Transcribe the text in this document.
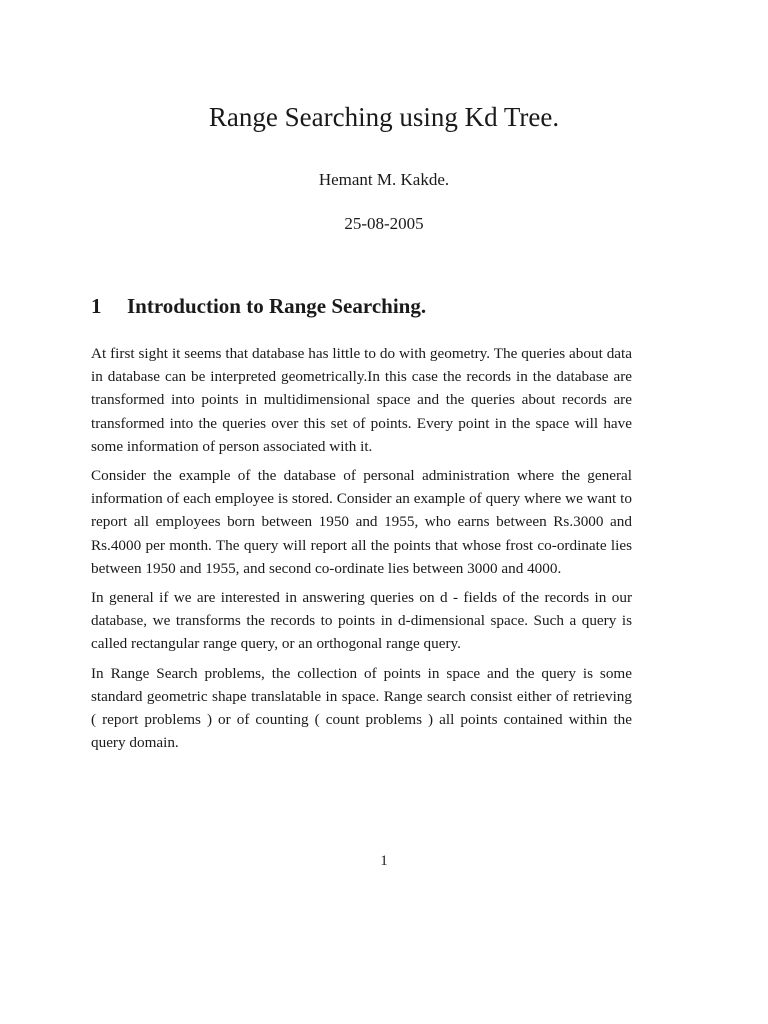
Range Searching using Kd Tree.
Hemant M. Kakde.
25-08-2005
1 Introduction to Range Searching.

At first sight it seems that database has little to do with geometry. The queries about data in database can be interpreted geometrically.In this case the records in the database are transformed into points in multidimensional space and the queries about records are transformed into the queries over this set of points. Every point in the space will have some information of person associated with it.

Consider the example of the database of personal administration where the general information of each employee is stored. Consider an example of query where we want to report all employees born between 1950 and 1955, who earns between Rs.3000 and Rs.4000 per month. The query will report all the points that whose frost co-ordinate lies between 1950 and 1955, and second co-ordinate lies between 3000 and 4000.

In general if we are interested in answering queries on d - fields of the records in our database, we transforms the records to points in d-dimensional space. Such a query is called rectangular range query, or an orthogonal range query.

In Range Search problems, the collection of points in space and the query is some standard geometric shape translatable in space. Range search consist either of retrieving ( report problems ) or of counting ( count problems ) all points contained within the query domain.

1
